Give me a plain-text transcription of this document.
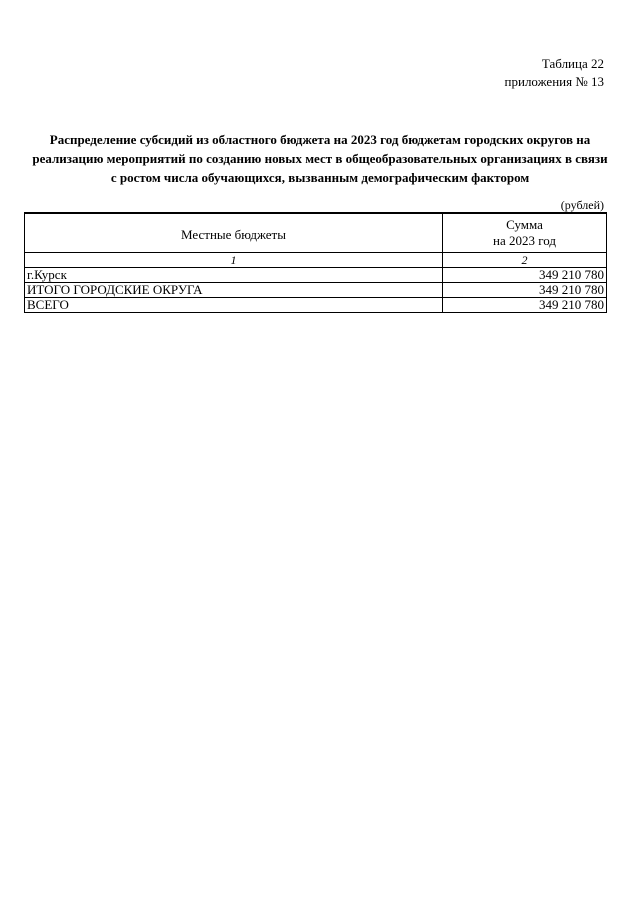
Таблица 22
приложения № 13
Распределение субсидий из областного бюджета на 2023 год бюджетам городских округов на
реализацию мероприятий по созданию новых мест в общеобразовательных организациях в связи
с ростом числа обучающихся, вызванным демографическим фактором
(рублей)
Местные бюджеты	Сумма
на 2023 год

1	2
г.Курск	349 210 780
ИТОГО ГОРОДСКИЕ ОКРУГА	349 210 780
ВСЕГО	349 210 780
